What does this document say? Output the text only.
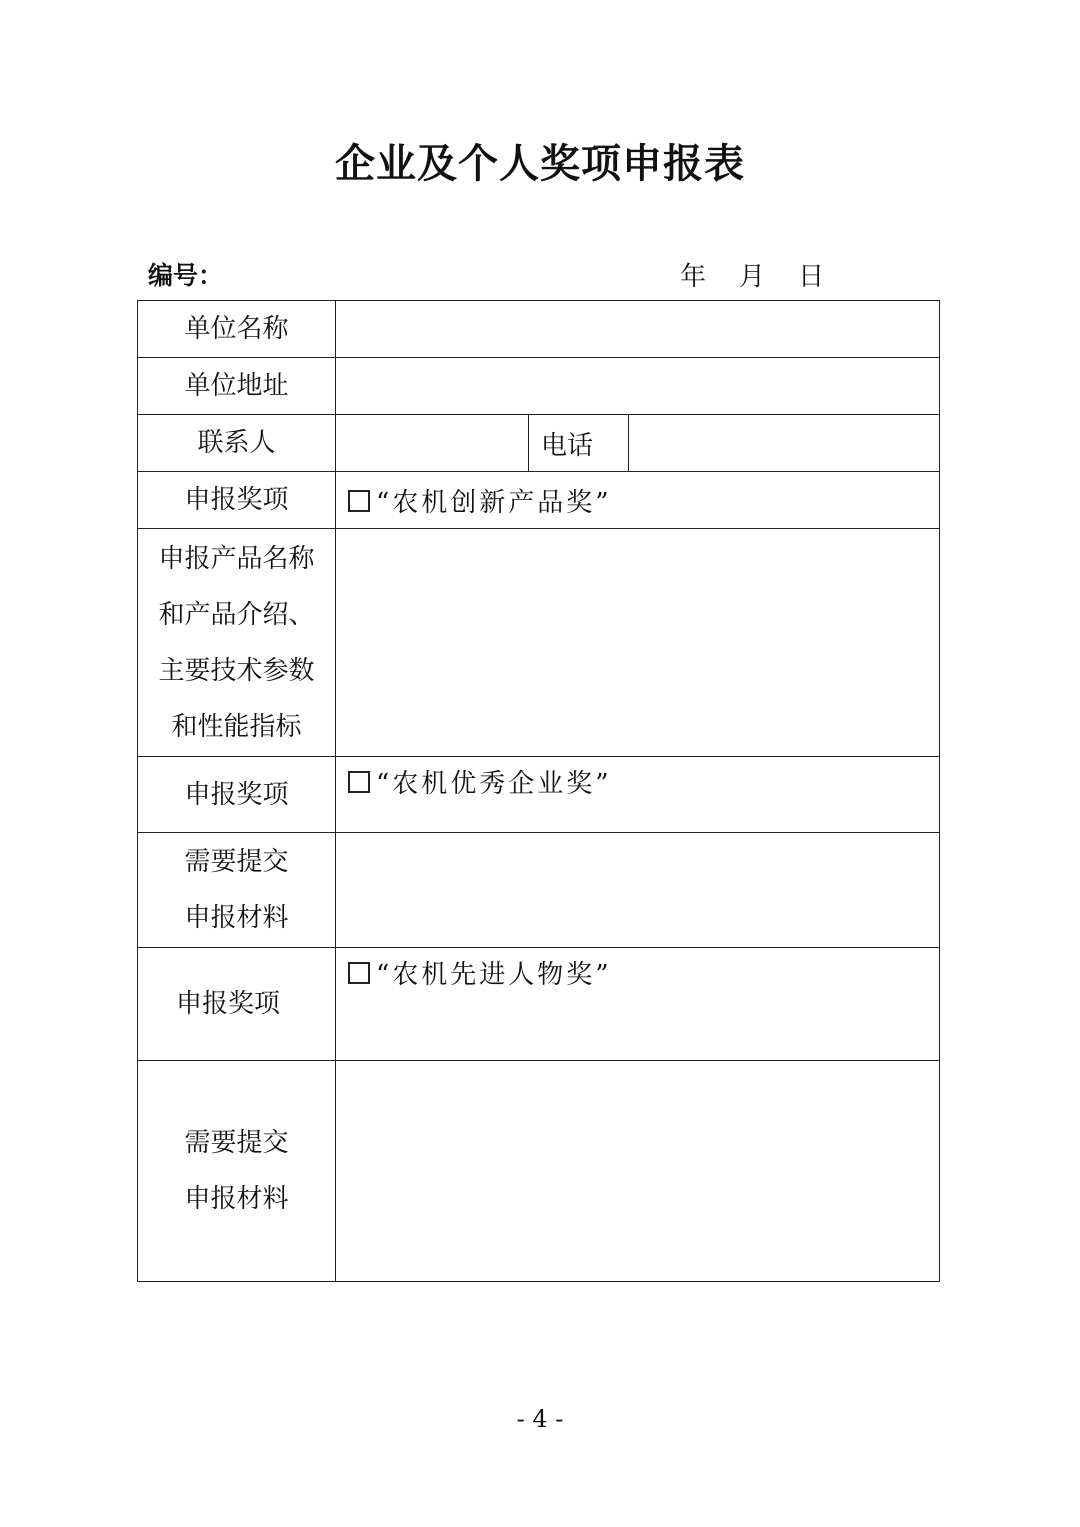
企业及个人奖项申报表
编号：	年    月    日
单位名称			
单位地址			
联系人		电话	
申报奖项	“农机创新产品奖”		
申报产品名称和产品介绍、主要技术参数和性能指标			
申报奖项	“农机优秀企业奖”		
需要提交申报材料			
申报奖项	“农机先进人物奖”		
需要提交申报材料			
- 4 -
